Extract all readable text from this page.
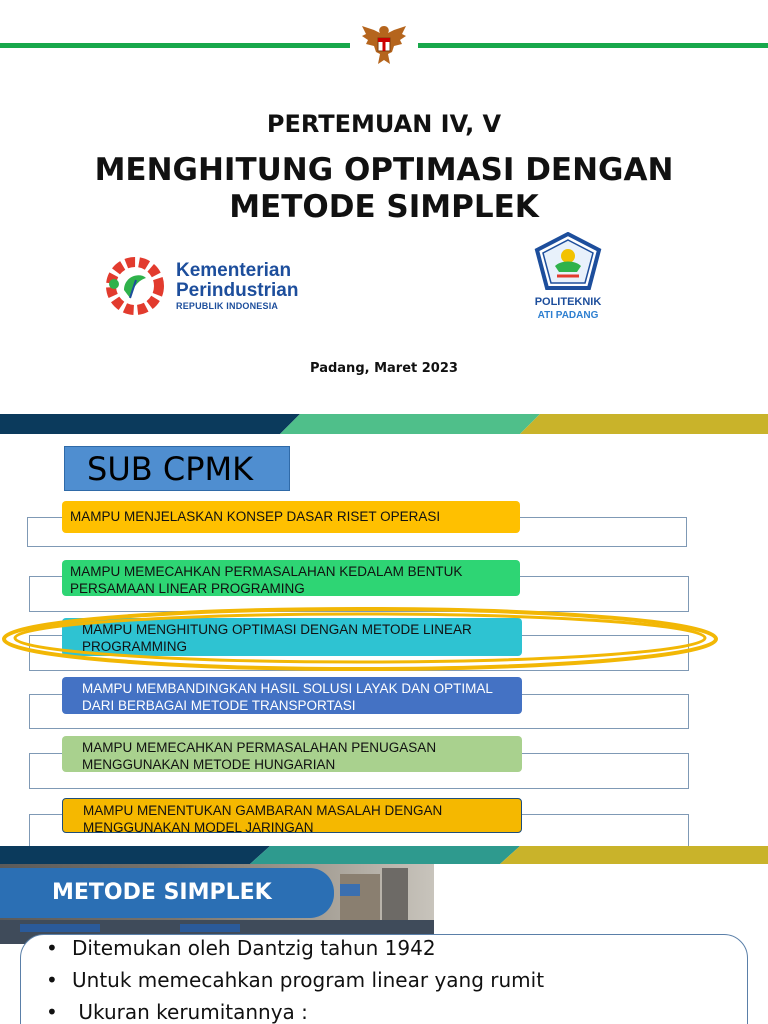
PERTEMUAN IV, V
MENGHITUNG OPTIMASI DENGAN
METODE SIMPLEK
Kementerian
Perindustrian
REPUBLIK INDONESIA	POLITEKNIK
ATI PADANG
Padang, Maret 2023
SUB CPMK
MAMPU MENJELASKAN KONSEP DASAR RISET OPERASI
MAMPU MEMECAHKAN PERMASALAHAN KEDALAM BENTUK
PERSAMAAN LINEAR PROGRAMING
MAMPU MENGHITUNG OPTIMASI DENGAN METODE LINEAR
PROGRAMMING
MAMPU MEMBANDINGKAN HASIL SOLUSI LAYAK DAN OPTIMAL
DARI BERBAGAI METODE TRANSPORTASI
MAMPU MEMECAHKAN PERMASALAHAN PENUGASAN
MENGGUNAKAN METODE HUNGARIAN
MAMPU MENENTUKAN GAMBARAN MASALAH DENGAN
MENGGUNAKAN MODEL JARINGAN
METODE SIMPLEK
• Ditemukan oleh Dantzig tahun 1942
• Untuk memecahkan program linear yang rumit
• Ukuran kerumitannya :
